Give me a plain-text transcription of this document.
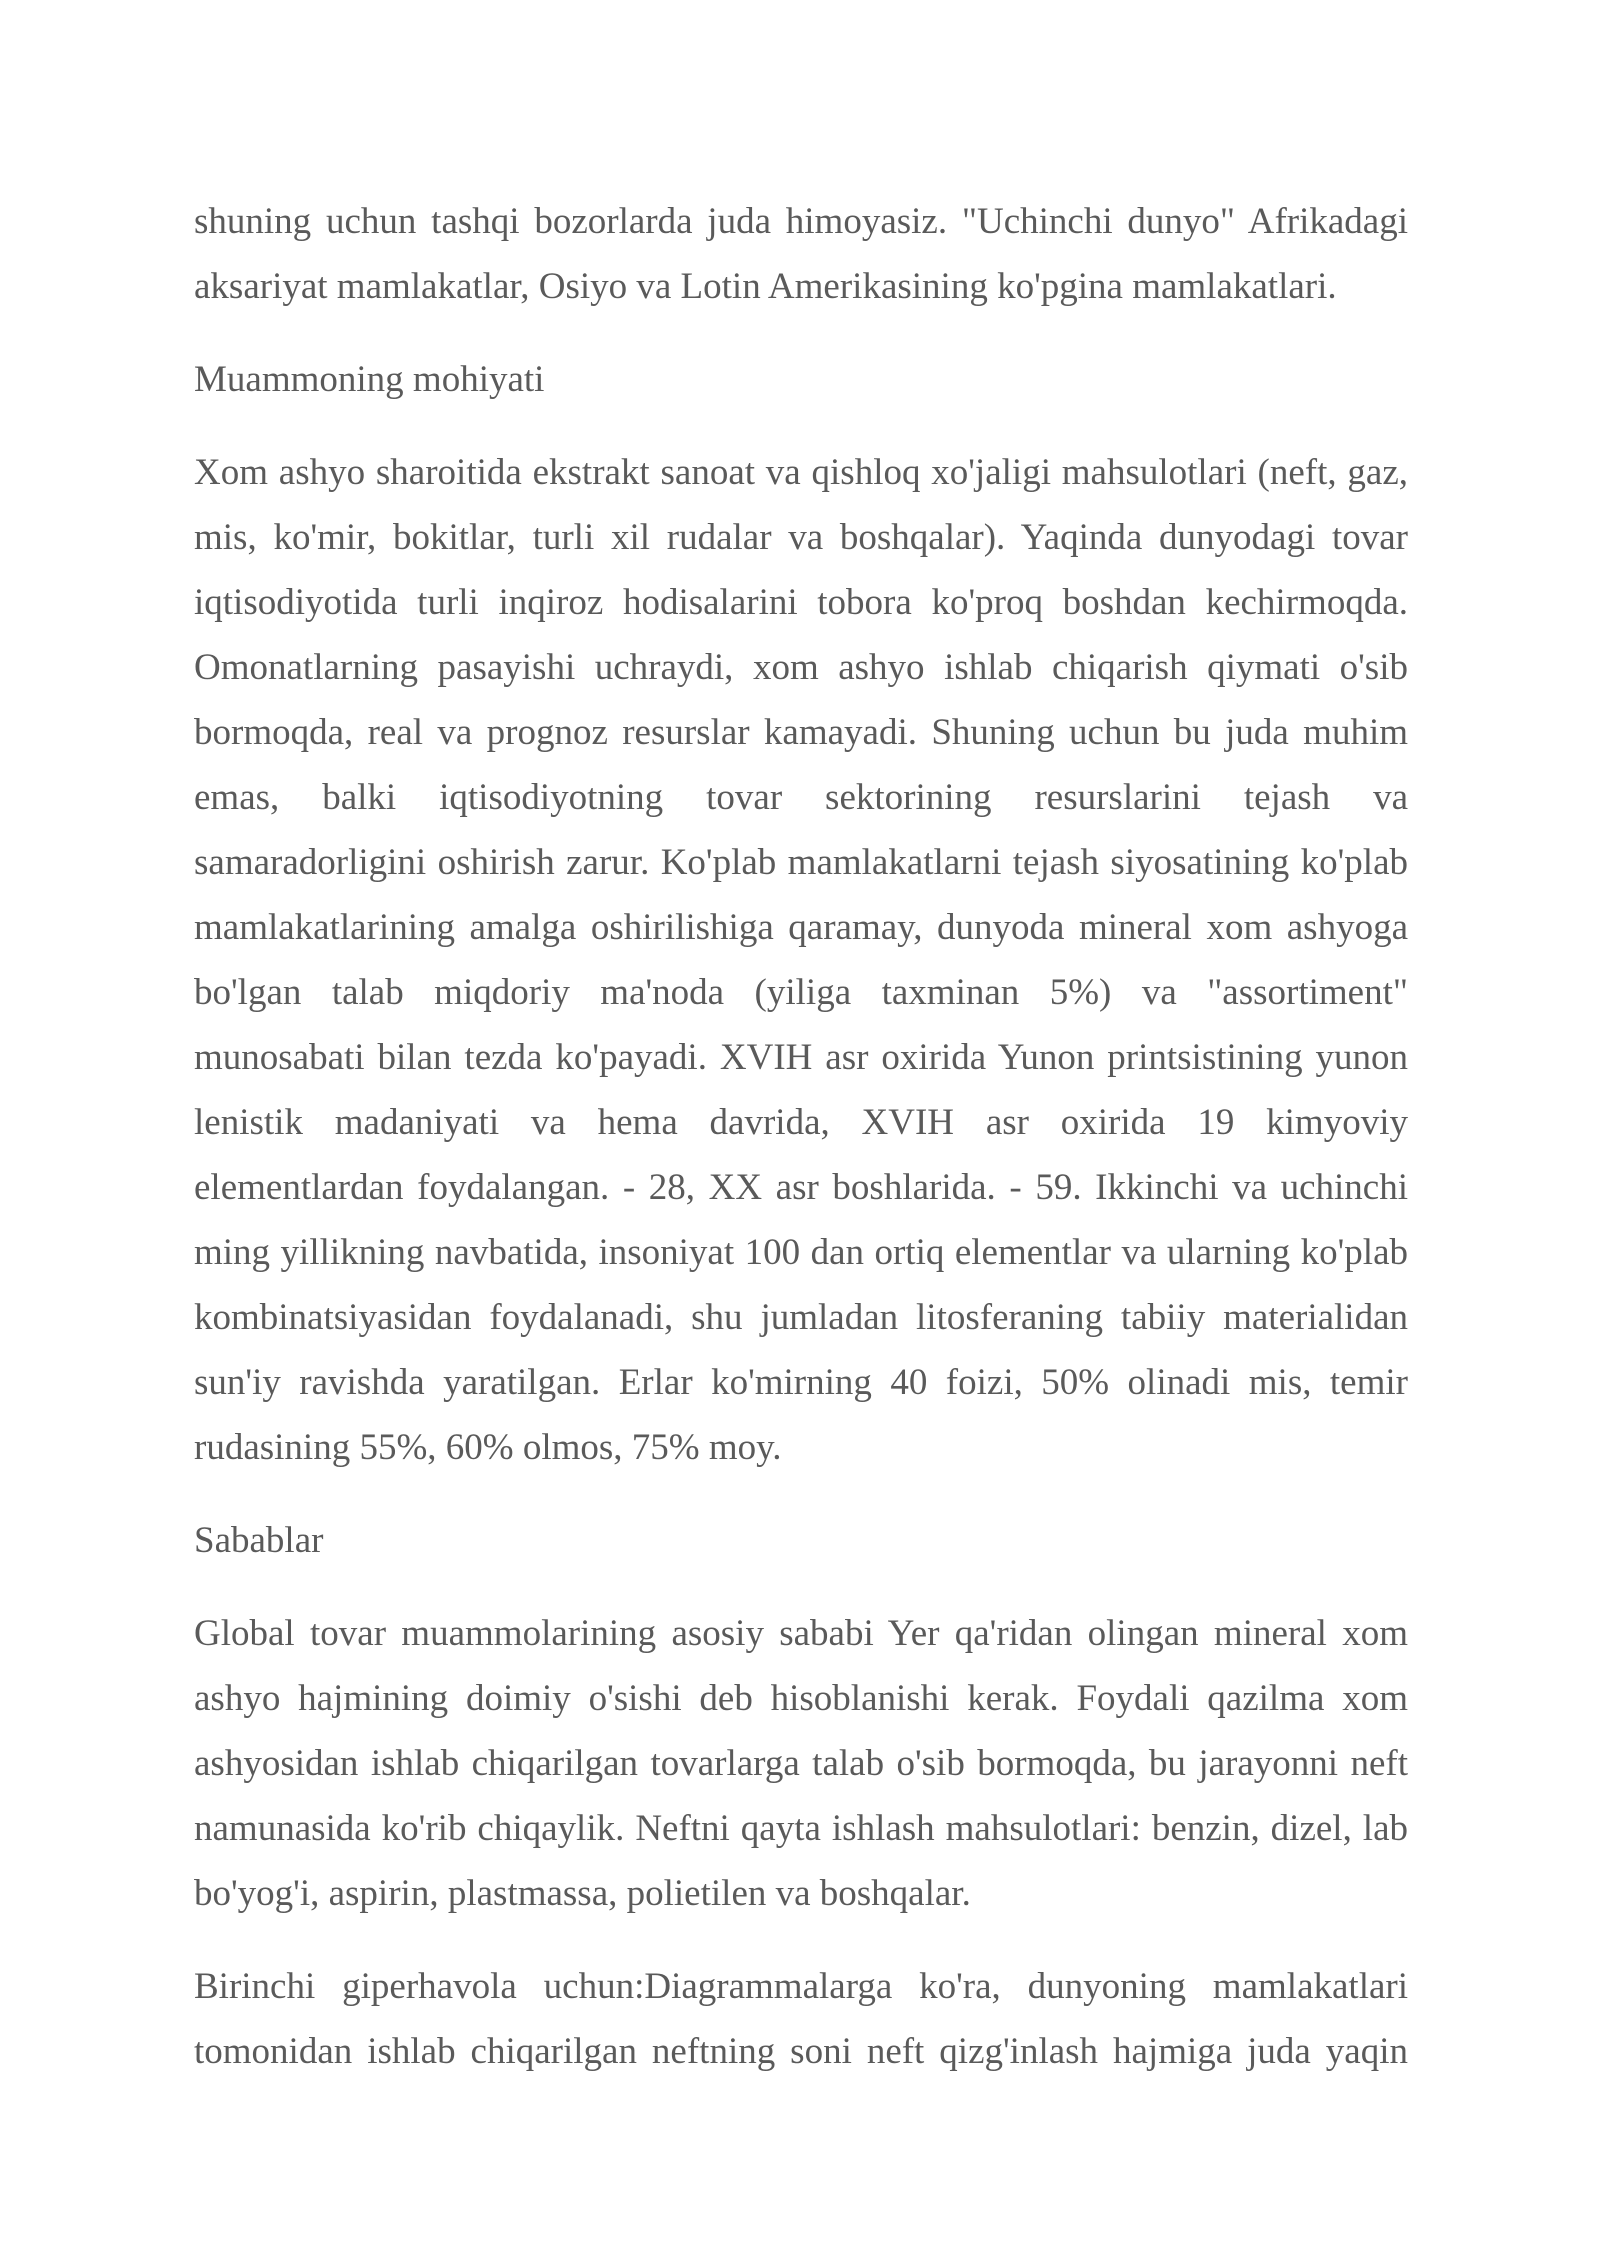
shuning uchun tashqi bozorlarda juda himoyasiz. "Uchinchi dunyo" Afrikadagi aksariyat mamlakatlar, Osiyo va Lotin Amerikasining ko'pgina mamlakatlari.

Muammoning mohiyati

Xom ashyo sharoitida ekstrakt sanoat va qishloq xo'jaligi mahsulotlari (neft, gaz, mis, ko'mir, bokitlar, turli xil rudalar va boshqalar). Yaqinda dunyodagi tovar iqtisodiyotida turli inqiroz hodisalarini tobora ko'proq boshdan kechirmoqda. Omonatlarning pasayishi uchraydi, xom ashyo ishlab chiqarish qiymati o'sib bormoqda, real va prognoz resurslar kamayadi. Shuning uchun bu juda muhim emas, balki iqtisodiyotning tovar sektorining resurslarini tejash va samaradorligini oshirish zarur. Ko'plab mamlakatlarni tejash siyosatining ko'plab mamlakatlarining amalga oshirilishiga qaramay, dunyoda mineral xom ashyoga bo'lgan talab miqdoriy ma'noda (yiliga taxminan 5%) va "assortiment" munosabati bilan tezda ko'payadi. XVIH asr oxirida Yunon printsistining yunon lenistik madaniyati va hema davrida, XVIH asr oxirida 19 kimyoviy elementlardan foydalangan. - 28, XX asr boshlarida. - 59. Ikkinchi va uchinchi ming yillikning navbatida, insoniyat 100 dan ortiq elementlar va ularning ko'plab kombinatsiyasidan foydalanadi, shu jumladan litosferaning tabiiy materialidan sun'iy ravishda yaratilgan. Erlar ko'mirning 40 foizi, 50% olinadi mis, temir rudasining 55%, 60% olmos, 75% moy.

Sabablar

Global tovar muammolarining asosiy sababi Yer qa'ridan olingan mineral xom ashyo hajmining doimiy o'sishi deb hisoblanishi kerak. Foydali qazilma xom ashyosidan ishlab chiqarilgan tovarlarga talab o'sib bormoqda, bu jarayonni neft namunasida ko'rib chiqaylik. Neftni qayta ishlash mahsulotlari: benzin, dizel, lab bo'yog'i, aspirin, plastmassa, polietilen va boshqalar.

Birinchi giperhavola uchun:Diagrammalarga ko'ra, dunyoning mamlakatlari tomonidan ishlab chiqarilgan neftning soni neft qizg'inlash hajmiga juda yaqin
